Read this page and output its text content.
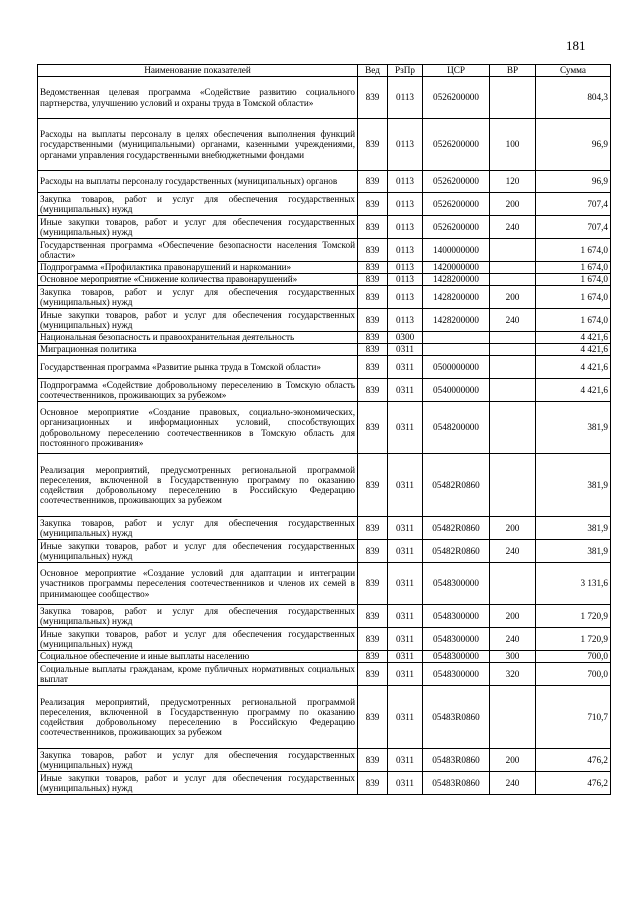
181
Наименование показателей	Вед	РзПр	ЦСР	ВР	Сумма
Ведомственная целевая программа «Содействие развитию социального партнерства, улучшению условий и охраны труда в Томской области»	839	0113	0526200000		804,3
Расходы на выплаты персоналу в целях обеспечения выполнения функций государственными (муниципальными) органами, казенными учреждениями, органами управления государственными внебюджетными фондами	839	0113	0526200000	100	96,9
Расходы на выплаты персоналу государственных (муниципальных) органов	839	0113	0526200000	120	96,9
Закупка товаров, работ и услуг для обеспечения государственных (муниципальных) нужд	839	0113	0526200000	200	707,4
Иные закупки товаров, работ и услуг для обеспечения государственных (муниципальных) нужд	839	0113	0526200000	240	707,4
Государственная программа «Обеспечение безопасности населения Томской области»	839	0113	1400000000		1 674,0
Подпрограмма «Профилактика правонарушений и наркомании»	839	0113	1420000000		1 674,0
Основное мероприятие «Снижение количества правонарушений»	839	0113	1428200000		1 674,0
Закупка товаров, работ и услуг для обеспечения государственных (муниципальных) нужд	839	0113	1428200000	200	1 674,0
Иные закупки товаров, работ и услуг для обеспечения государственных (муниципальных) нужд	839	0113	1428200000	240	1 674,0
Национальная безопасность и правоохранительная деятельность	839	0300			4 421,6
Миграционная политика	839	0311			4 421,6
Государственная программа «Развитие рынка труда в Томской области»	839	0311	0500000000		4 421,6
Подпрограмма «Содействие добровольному переселению в Томскую область соотечественников, проживающих за рубежом»	839	0311	0540000000		4 421,6
Основное мероприятие «Создание правовых, социально-экономических, организационных и информационных условий, способствующих добровольному переселению соотечественников в Томскую область для постоянного проживания»	839	0311	0548200000		381,9
Реализация мероприятий, предусмотренных региональной программой переселения, включенной в Государственную программу по оказанию содействия добровольному переселению в Российскую Федерацию соотечественников, проживающих за рубежом	839	0311	05482R0860		381,9
Закупка товаров, работ и услуг для обеспечения государственных (муниципальных) нужд	839	0311	05482R0860	200	381,9
Иные закупки товаров, работ и услуг для обеспечения государственных (муниципальных) нужд	839	0311	05482R0860	240	381,9
Основное мероприятие «Создание условий для адаптации и интеграции участников программы переселения соотечественников и членов их семей в принимающее сообщество»	839	0311	0548300000		3 131,6
Закупка товаров, работ и услуг для обеспечения государственных (муниципальных) нужд	839	0311	0548300000	200	1 720,9
Иные закупки товаров, работ и услуг для обеспечения государственных (муниципальных) нужд	839	0311	0548300000	240	1 720,9
Социальное обеспечение и иные выплаты населению	839	0311	0548300000	300	700,0
Социальные выплаты гражданам, кроме публичных нормативных социальных выплат	839	0311	0548300000	320	700,0
Реализация мероприятий, предусмотренных региональной программой переселения, включенной в Государственную программу по оказанию содействия добровольному переселению в Российскую Федерацию соотечественников, проживающих за рубежом	839	0311	05483R0860		710,7
Закупка товаров, работ и услуг для обеспечения государственных (муниципальных) нужд	839	0311	05483R0860	200	476,2
Иные закупки товаров, работ и услуг для обеспечения государственных (муниципальных) нужд	839	0311	05483R0860	240	476,2
